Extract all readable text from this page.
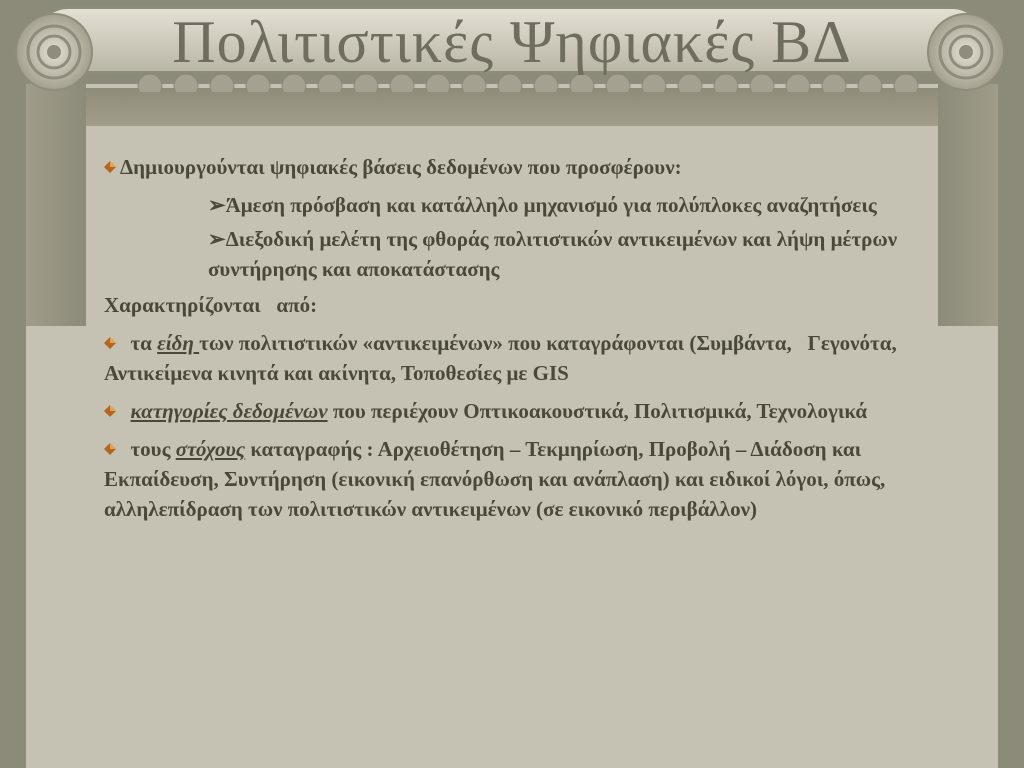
Πολιτιστικές Ψηφιακές ΒΔ
Δημιουργούνται ψηφιακές βάσεις δεδομένων που προσφέρουν:
➢Άμεση πρόσβαση και κατάλληλο μηχανισμό για πολύπλοκες αναζητήσεις
➢Διεξοδική μελέτη της φθοράς πολιτιστικών αντικειμένων και λήψη μέτρων συντήρησης και αποκατάστασης
Χαρακτηρίζονται   από:
τα είδη των πολιτιστικών «αντικειμένων» που καταγράφονται (Συμβάντα,   Γεγονότα, Αντικείμενα κινητά και ακίνητα, Τοποθεσίες με GIS
κατηγορίες δεδομένων που περιέχουν Οπτικοακουστικά, Πολιτισμικά, Τεχνολογικά
τους στόχους καταγραφής : Αρχειοθέτηση – Τεκμηρίωση, Προβολή – Διάδοση και Εκπαίδευση, Συντήρηση (εικονική επανόρθωση και ανάπλαση) και ειδικοί λόγοι, όπως, αλληλεπίδραση των πολιτιστικών αντικειμένων (σε εικονικό περιβάλλον)
